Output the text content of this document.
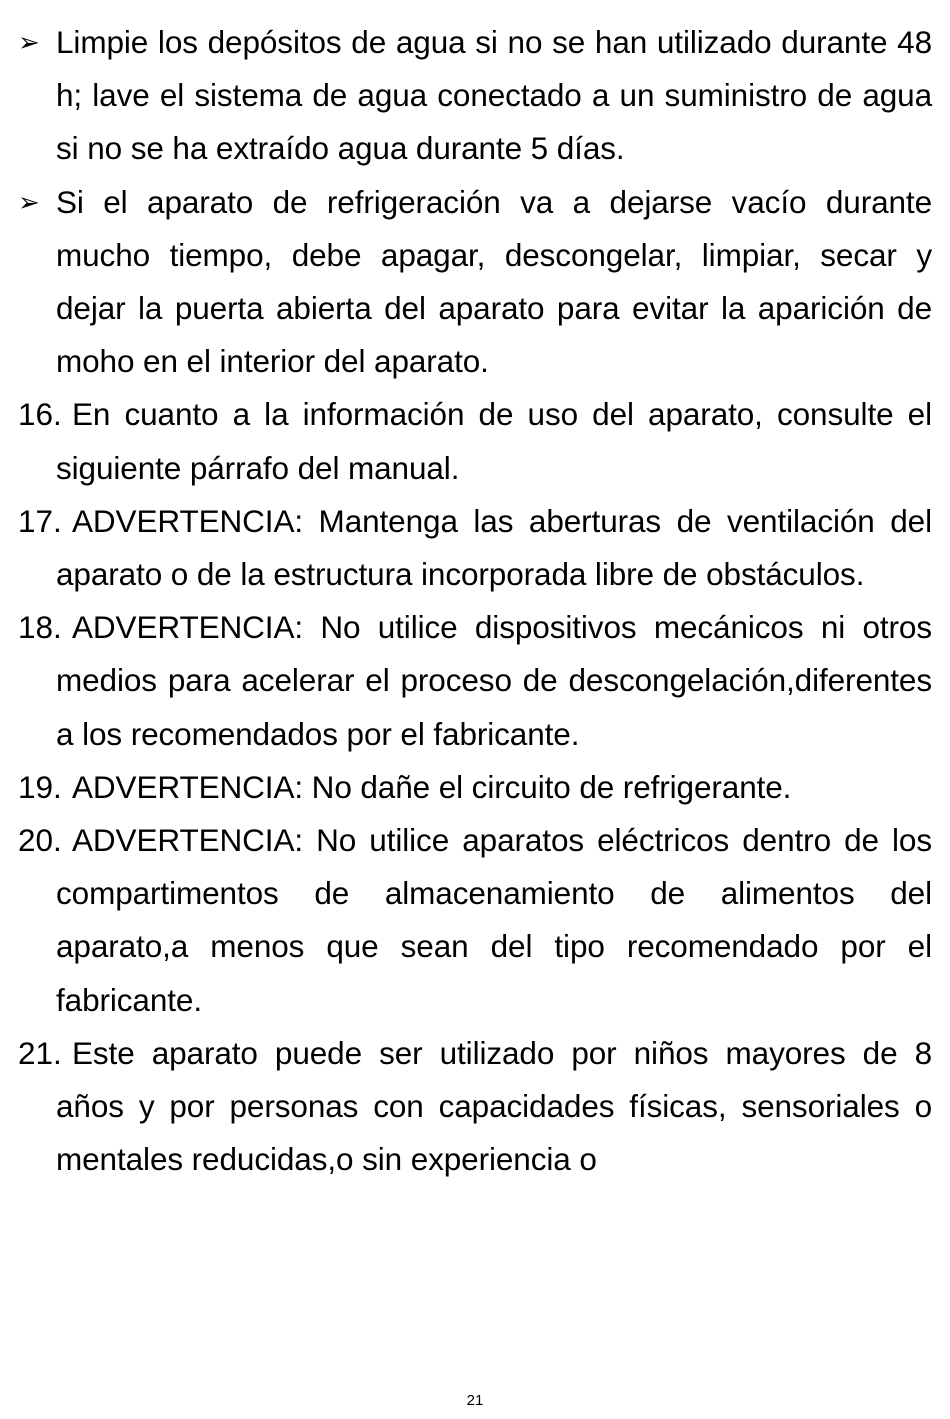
➢ Limpie los depósitos de agua si no se han utilizado durante 48 h; lave el sistema de agua conectado a un suministro de agua si no se ha extraído agua durante 5 días.
➢ Si el aparato de refrigeración va a dejarse vacío durante mucho tiempo, debe apagar, descongelar, limpiar, secar y dejar la puerta abierta del aparato para evitar la aparición de moho en el interior del aparato.
16. En cuanto a la información de uso del aparato, consulte el siguiente párrafo del manual.
17. ADVERTENCIA: Mantenga las aberturas de ventilación del aparato o de la estructura incorporada libre de obstáculos.
18. ADVERTENCIA: No utilice dispositivos mecánicos ni otros medios para acelerar el proceso de descongelación,diferentes a los recomendados por el fabricante.
19. ADVERTENCIA: No dañe el circuito de refrigerante.
20. ADVERTENCIA: No utilice aparatos eléctricos dentro de los compartimentos de almacenamiento de alimentos del aparato,a menos que sean del tipo recomendado por el fabricante.
21. Este aparato puede ser utilizado por niños mayores de 8 años y por personas con capacidades físicas, sensoriales o mentales reducidas,o sin experiencia o
21
